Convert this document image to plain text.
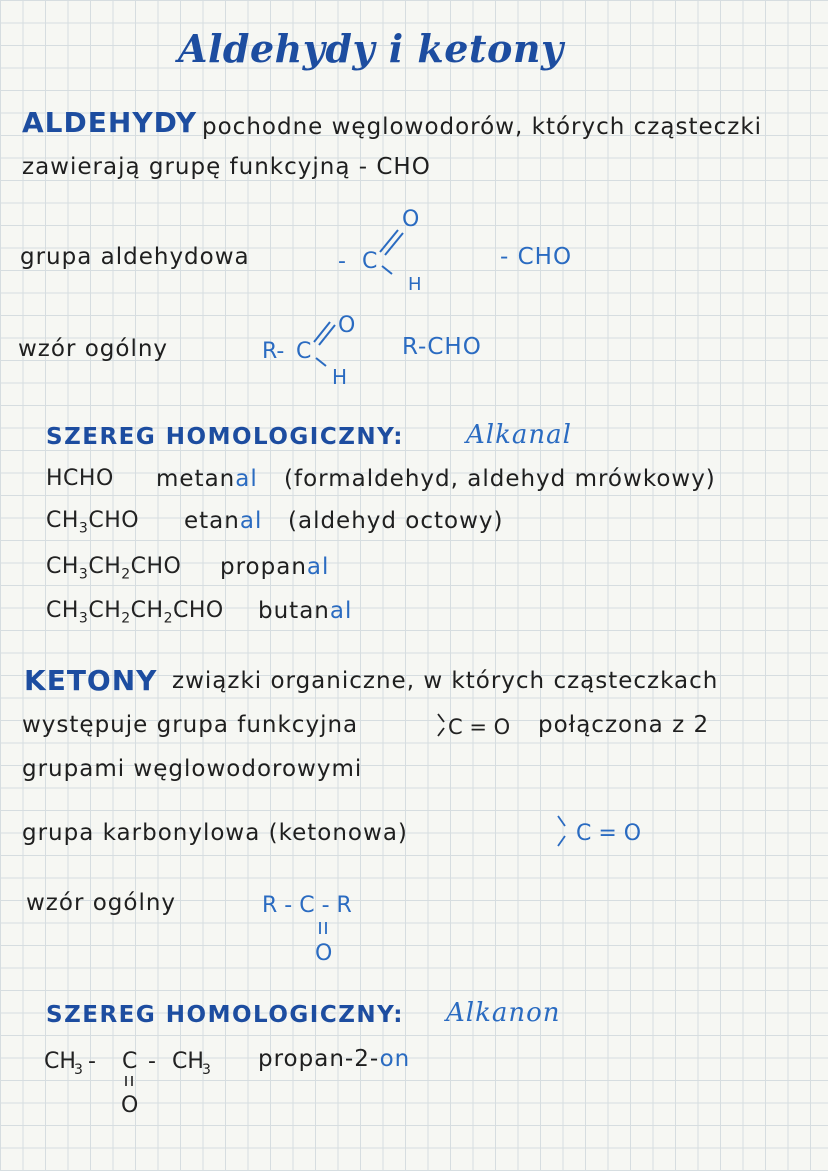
Aldehydy i ketony
ALDEHYDY pochodne węglowodorów, których cząsteczki
zawierają grupę funkcyjną - CHO
grupa aldehydowa	- C
O
H
- CHO
wzór ogólny	R- C
O
H
R-CHO
SZEREG HOMOLOGICZNY: Alkanal
HCHO metanal (formaldehyd, aldehyd mrówkowy)
$CH_3CHO$ etanal (aldehyd octowy)
$CH_3CH_2CHO$ propanal
$CH_3CH_2CH_2CHO$ butanal
KETONY związki organiczne, w których cząsteczkach
występuje grupa funkcyjna	C = O połączona z 2
grupami węglowodorowymi
grupa karbonylowa (ketonowa)	C = O
wzór ogólny	R - C - R
O
SZEREG HOMOLOGICZNY: Alkanon
CH
3 - C - CH
3
O
propan-2-on
